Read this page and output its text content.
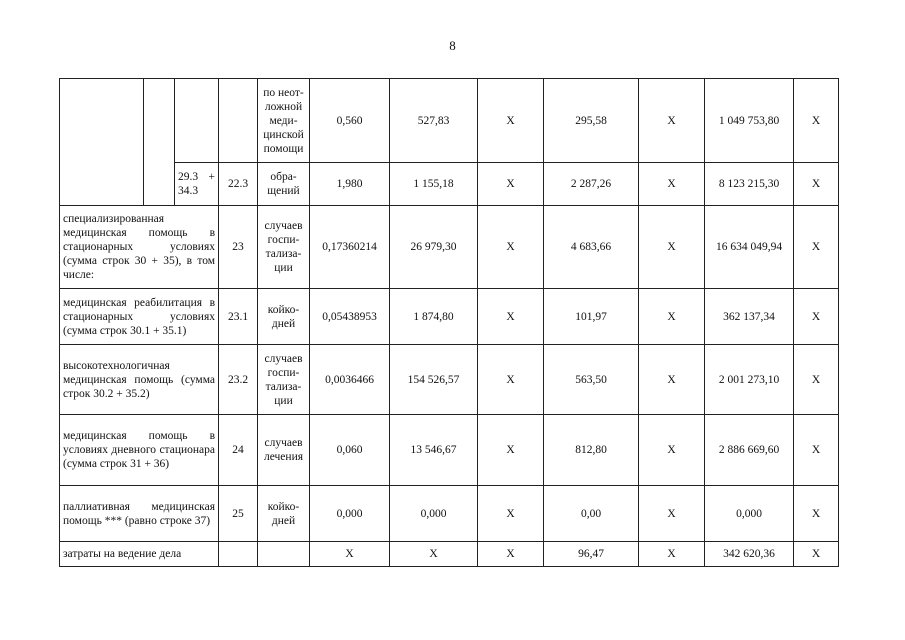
8
				по неот-ложной меди-цинской помощи	0,560	527,83	Х	295,58	Х	1 049 753,80	Х
		29.3 + 34.3	22.3	обра-щений	1,980	1 155,18	Х	2 287,26	Х	8 123 215,30	Х
специализированная медицинская помощь в стационарных условиях (сумма строк 30 + 35), в том числе:			23	случаев госпи-тализа-ции	0,17360214	26 979,30	Х	4 683,66	Х	16 634 049,94	Х
медицинская реабилитация в стационарных условиях (сумма строк 30.1 + 35.1)			23.1	койко-дней	0,05438953	1 874,80	Х	101,97	Х	362 137,34	Х
высокотехнологичная медицинская помощь (сумма строк 30.2 + 35.2)			23.2	случаев госпи-тализа-ции	0,0036466	154 526,57	Х	563,50	Х	2 001 273,10	Х
медицинская помощь в условиях дневного стационара (сумма строк 31 + 36)			24	случаев лечения	0,060	13 546,67	Х	812,80	Х	2 886 669,60	Х
паллиативная медицинская помощь *** (равно строке 37)			25	койко-дней	0,000	0,000	Х	0,00	Х	0,000	Х
затраты на ведение дела					Х	Х	Х	96,47	Х	342 620,36	Х
